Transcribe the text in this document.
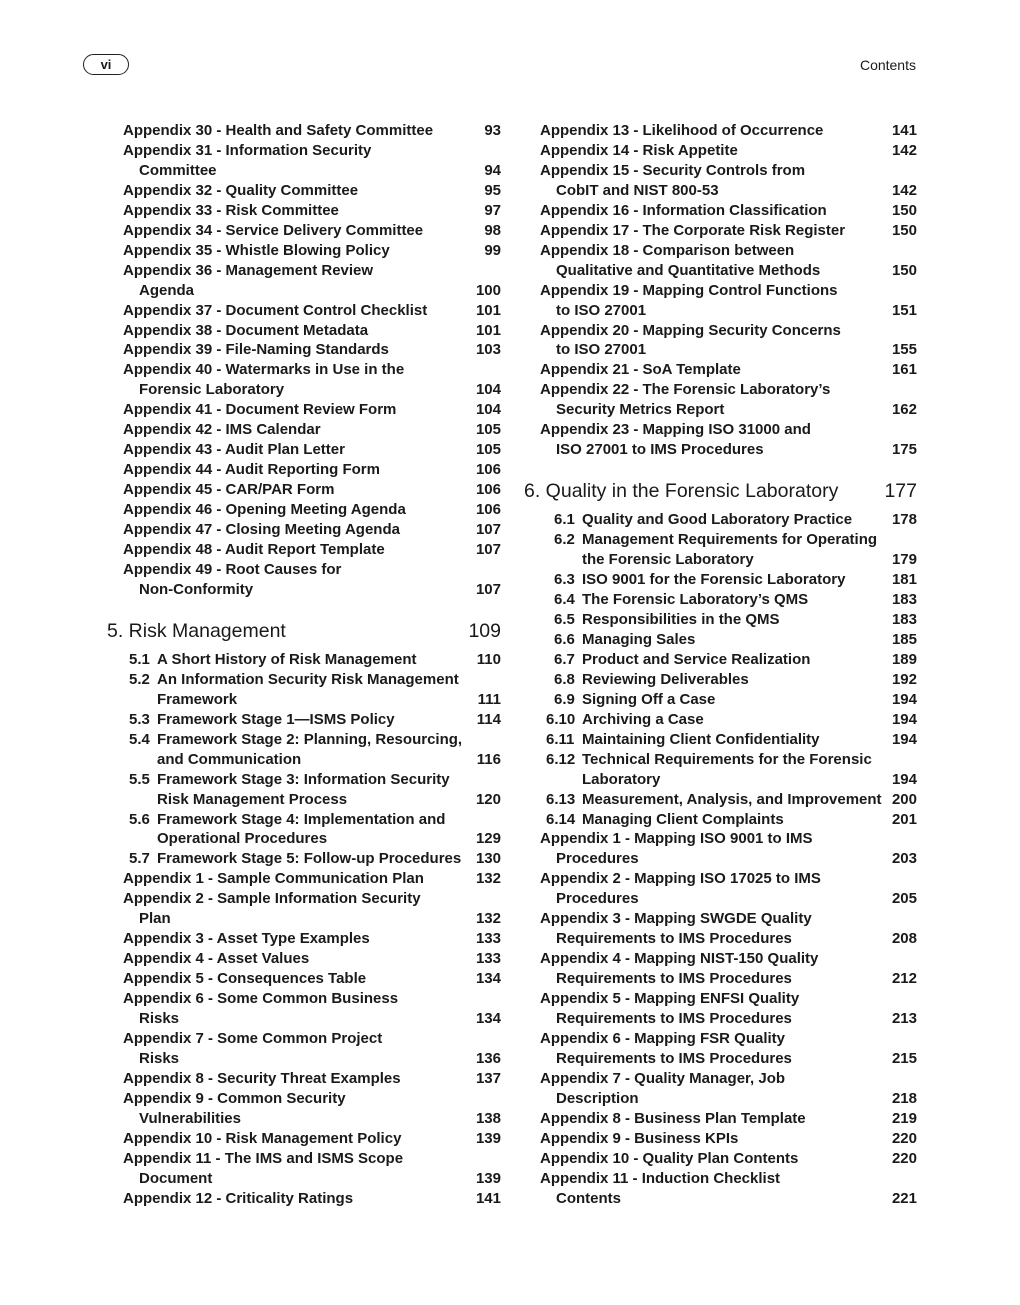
vi	Contents
Appendix 30 - Health and Safety Committee	93
Appendix 31 - Information Security
Committee	94
Appendix 32 - Quality Committee	95
Appendix 33 - Risk Committee	97
Appendix 34 - Service Delivery Committee	98
Appendix 35 - Whistle Blowing Policy	99
Appendix 36 - Management Review
Agenda	100
Appendix 37 - Document Control Checklist	101
Appendix 38 - Document Metadata	101
Appendix 39 - File-Naming Standards	103
Appendix 40 - Watermarks in Use in the
Forensic Laboratory	104
Appendix 41 - Document Review Form	104
Appendix 42 - IMS Calendar	105
Appendix 43 - Audit Plan Letter	105
Appendix 44 - Audit Reporting Form	106
Appendix 45 - CAR/PAR Form	106
Appendix 46 - Opening Meeting Agenda	106
Appendix 47 - Closing Meeting Agenda	107
Appendix 48 - Audit Report Template	107
Appendix 49 - Root Causes for
Non-Conformity	107
5. Risk Management	109
5.1 A Short History of Risk Management	110
5.2 An Information Security Risk Management
Framework	111
5.3 Framework Stage 1—ISMS Policy	114
5.4 Framework Stage 2: Planning, Resourcing,
and Communication	116
5.5 Framework Stage 3: Information Security
Risk Management Process	120
5.6 Framework Stage 4: Implementation and
Operational Procedures	129
5.7 Framework Stage 5: Follow-up Procedures 130
Appendix 1 - Sample Communication Plan	132
Appendix 2 - Sample Information Security
Plan	132
Appendix 3 - Asset Type Examples	133
Appendix 4 - Asset Values	133
Appendix 5 - Consequences Table	134
Appendix 6 - Some Common Business
Risks	134
Appendix 7 - Some Common Project
Risks	136
Appendix 8 - Security Threat Examples	137
Appendix 9 - Common Security
Vulnerabilities	138
Appendix 10 - Risk Management Policy	139
Appendix 11 - The IMS and ISMS Scope
Document	139
Appendix 12 - Criticality Ratings	141
Appendix 13 - Likelihood of Occurrence	141
Appendix 14 - Risk Appetite	142
Appendix 15 - Security Controls from
CobIT and NIST 800-53	142
Appendix 16 - Information Classification	150
Appendix 17 - The Corporate Risk Register	150
Appendix 18 - Comparison between
Qualitative and Quantitative Methods	150
Appendix 19 - Mapping Control Functions
to ISO 27001	151
Appendix 20 - Mapping Security Concerns
to ISO 27001	155
Appendix 21 - SoA Template	161
Appendix 22 - The Forensic Laboratory’s
Security Metrics Report	162
Appendix 23 - Mapping ISO 31000 and
ISO 27001 to IMS Procedures	175
6. Quality in the Forensic Laboratory	177
6.1 Quality and Good Laboratory Practice	178
6.2 Management Requirements for Operating
the Forensic Laboratory	179
6.3 ISO 9001 for the Forensic Laboratory	181
6.4 The Forensic Laboratory’s QMS	183
6.5 Responsibilities in the QMS	183
6.6 Managing Sales	185
6.7 Product and Service Realization	189
6.8 Reviewing Deliverables	192
6.9 Signing Off a Case	194
6.10 Archiving a Case	194
6.11 Maintaining Client Confidentiality	194
6.12 Technical Requirements for the Forensic
Laboratory	194
6.13 Measurement, Analysis, and Improvement 200
6.14 Managing Client Complaints	201
Appendix 1 - Mapping ISO 9001 to IMS
Procedures	203
Appendix 2 - Mapping ISO 17025 to IMS
Procedures	205
Appendix 3 - Mapping SWGDE Quality
Requirements to IMS Procedures	208
Appendix 4 - Mapping NIST-150 Quality
Requirements to IMS Procedures	212
Appendix 5 - Mapping ENFSI Quality
Requirements to IMS Procedures	213
Appendix 6 - Mapping FSR Quality
Requirements to IMS Procedures	215
Appendix 7 - Quality Manager, Job
Description	218
Appendix 8 - Business Plan Template	219
Appendix 9 - Business KPIs	220
Appendix 10 - Quality Plan Contents	220
Appendix 11 - Induction Checklist
Contents	221
